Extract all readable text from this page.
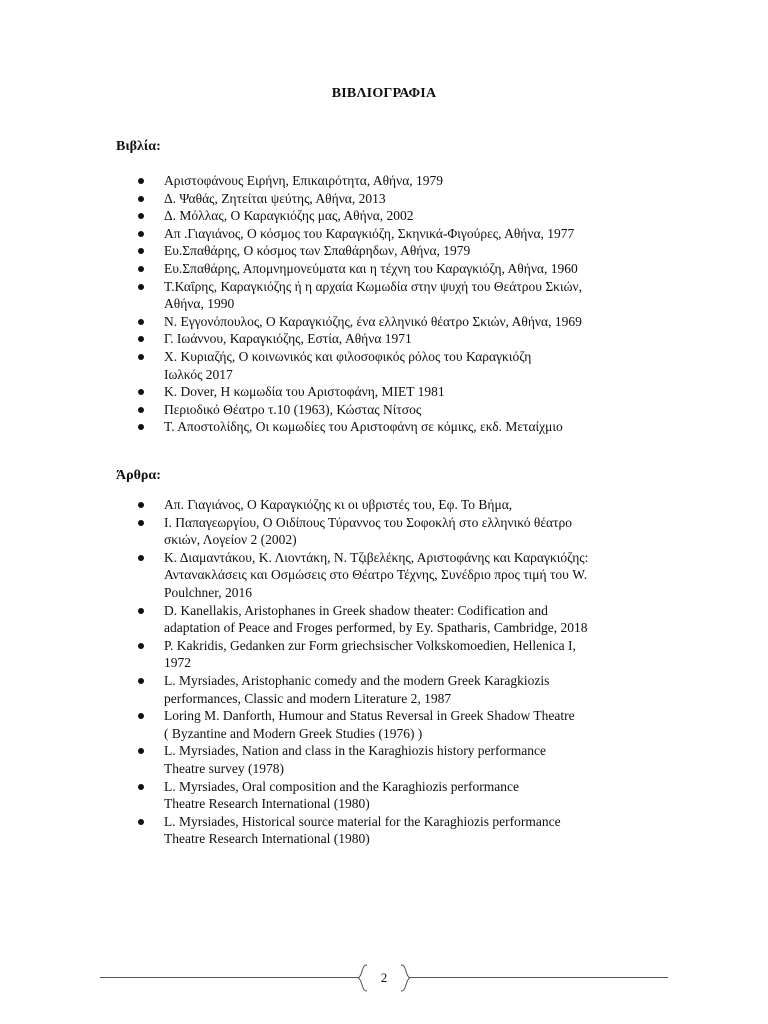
ΒΙΒΛΙΟΓΡΑΦΙΑ
Βιβλία:
Αριστοφάνους Ειρήνη, Επικαιρότητα, Αθήνα, 1979
Δ. Ψαθάς, Ζητείται ψεύτης, Αθήνα, 2013
Δ. Μόλλας, Ο Καραγκιόζης μας, Αθήνα, 2002
Απ .Γιαγιάνος, Ο κόσμος του Καραγκιόζη, Σκηνικά-Φιγούρες, Αθήνα, 1977
Ευ.Σπαθάρης, Ο κόσμος των Σπαθάρηδων, Αθήνα, 1979
Ευ.Σπαθάρης, Απομνημονεύματα και η τέχνη του Καραγκιόζη, Αθήνα, 1960
Τ.Καΐρης, Καραγκιόζης ή η αρχαία Κωμωδία στην ψυχή του Θεάτρου Σκιών,
Αθήνα, 1990
Ν. Εγγονόπουλος, Ο Καραγκιόζης, ένα ελληνικό θέατρο Σκιών, Αθήνα, 1969
Γ. Ιωάννου, Καραγκιόζης, Εστία, Αθήνα 1971
Χ. Κυριαζής, Ο κοινωνικός και φιλοσοφικός ρόλος του Καραγκιόζη
Ιωλκός 2017
K. Dover, Η κωμωδία του Αριστοφάνη, ΜΙΕΤ 1981
Περιοδικό Θέατρο τ.10 (1963), Κώστας Νίτσος
Τ. Αποστολίδης, Οι κωμωδίες του Αριστοφάνη σε κόμικς, εκδ. Μεταίχμιο
Άρθρα:
Απ. Γιαγιάνος, Ο Καραγκιόζης κι οι υβριστές του, Εφ. Το Βήμα,
Ι. Παπαγεωργίου, Ο Οιδίπους Τύραννος του Σοφοκλή στο ελληνικό θέατρο
σκιών, Λογείον 2 (2002)
Κ. Διαμαντάκου, Κ. Λιοντάκη, Ν. Τζιβελέκης, Αριστοφάνης και Καραγκιόζης:
Αντανακλάσεις και Οσμώσεις στο Θέατρο Τέχνης, Συνέδριο προς τιμή του W.
Poulchner, 2016
D. Kanellakis, Aristophanes in Greek shadow theater: Codification and
adaptation of Peace and Froges performed, by Ey. Spatharis, Cambridge, 2018
P. Kakridis, Gedanken zur Form griechsischer Volkskomoedien, Hellenica I,
1972
L. Myrsiades, Aristophanic comedy and the modern Greek Karagkiozis
performances, Classic and modern Literature 2, 1987
Loring M. Danforth, Humour and Status Reversal in Greek Shadow Theatre
( Byzantine and Modern Greek Studies (1976) )
L. Myrsiades, Nation and class in the Karaghiozis history performance
Theatre survey (1978)
L. Myrsiades, Oral composition and the Karaghiozis performance
Theatre Research International (1980)
L. Myrsiades, Historical source material for the Karaghiozis performance
Theatre Research International (1980)
2
